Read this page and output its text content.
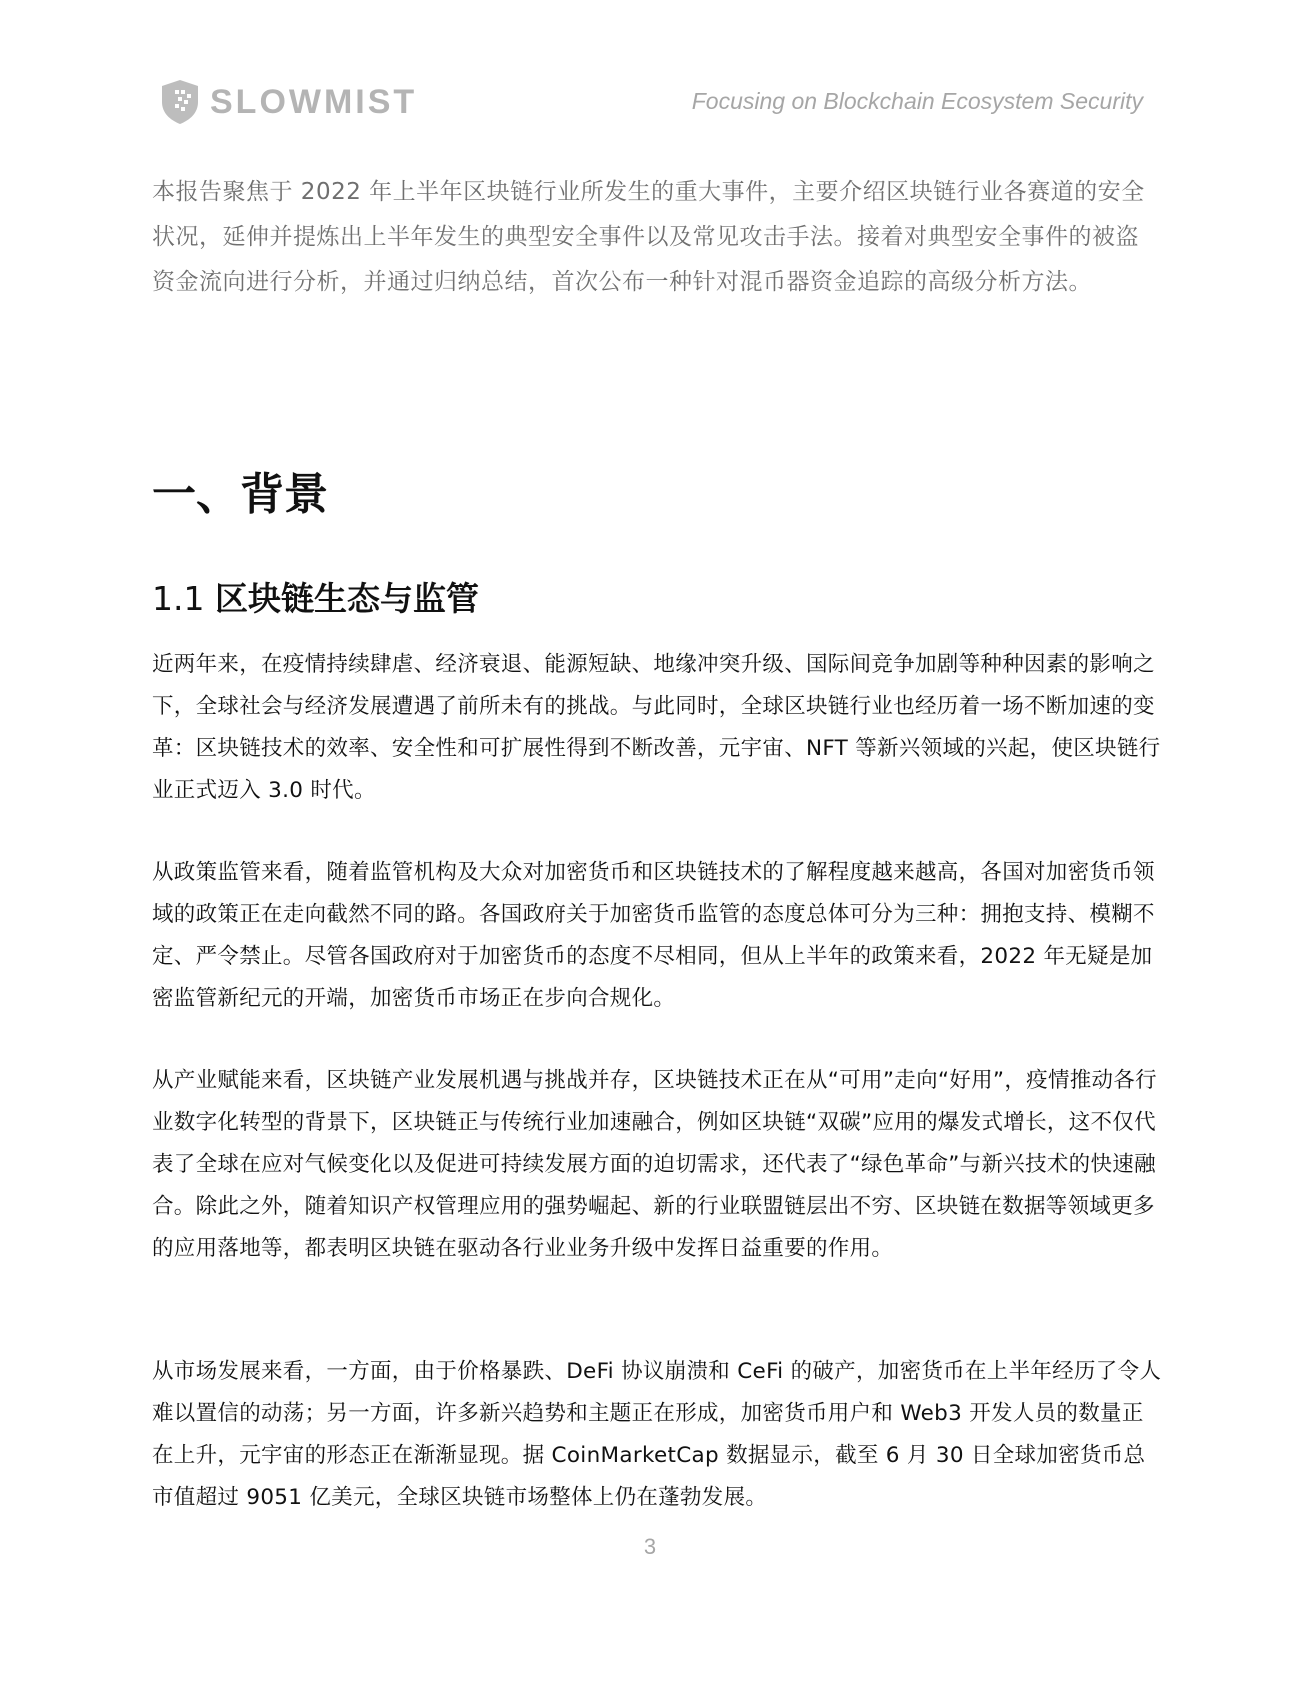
SLOWMIST	Focusing on Blockchain Ecosystem Security

本报告聚焦于 2022 年上半年区块链行业所发生的重大事件，主要介绍区块链行业各赛道的安全状况，延伸并提炼出上半年发生的典型安全事件以及常见攻击手法。接着对典型安全事件的被盗资金流向进行分析，并通过归纳总结，首次公布一种针对混币器资金追踪的高级分析方法。

一、背景
1.1 区块链生态与监管

近两年来，在疫情持续肆虐、经济衰退、能源短缺、地缘冲突升级、国际间竞争加剧等种种因素的影响之下，全球社会与经济发展遭遇了前所未有的挑战。与此同时，全球区块链行业也经历着一场不断加速的变革：区块链技术的效率、安全性和可扩展性得到不断改善，元宇宙、NFT 等新兴领域的兴起，使区块链行业正式迈入 3.0 时代。

从政策监管来看，随着监管机构及大众对加密货币和区块链技术的了解程度越来越高，各国对加密货币领域的政策正在走向截然不同的路。各国政府关于加密货币监管的态度总体可分为三种：拥抱支持、模糊不定、严令禁止。尽管各国政府对于加密货币的态度不尽相同，但从上半年的政策来看，2022 年无疑是加密监管新纪元的开端，加密货币市场正在步向合规化。

从产业赋能来看，区块链产业发展机遇与挑战并存，区块链技术正在从“可用”走向“好用”，疫情推动各行业数字化转型的背景下，区块链正与传统行业加速融合，例如区块链“双碳”应用的爆发式增长，这不仅代表了全球在应对气候变化以及促进可持续发展方面的迫切需求，还代表了“绿色革命”与新兴技术的快速融合。除此之外，随着知识产权管理应用的强势崛起、新的行业联盟链层出不穷、区块链在数据等领域更多的应用落地等，都表明区块链在驱动各行业业务升级中发挥日益重要的作用。

从市场发展来看，一方面，由于价格暴跌、DeFi 协议崩溃和 CeFi 的破产，加密货币在上半年经历了令人难以置信的动荡；另一方面，许多新兴趋势和主题正在形成，加密货币用户和 Web3 开发人员的数量正在上升，元宇宙的形态正在渐渐显现。据 CoinMarketCap 数据显示，截至 6 月 30 日全球加密货币总市值超过 9051 亿美元，全球区块链市场整体上仍在蓬勃发展。

3
